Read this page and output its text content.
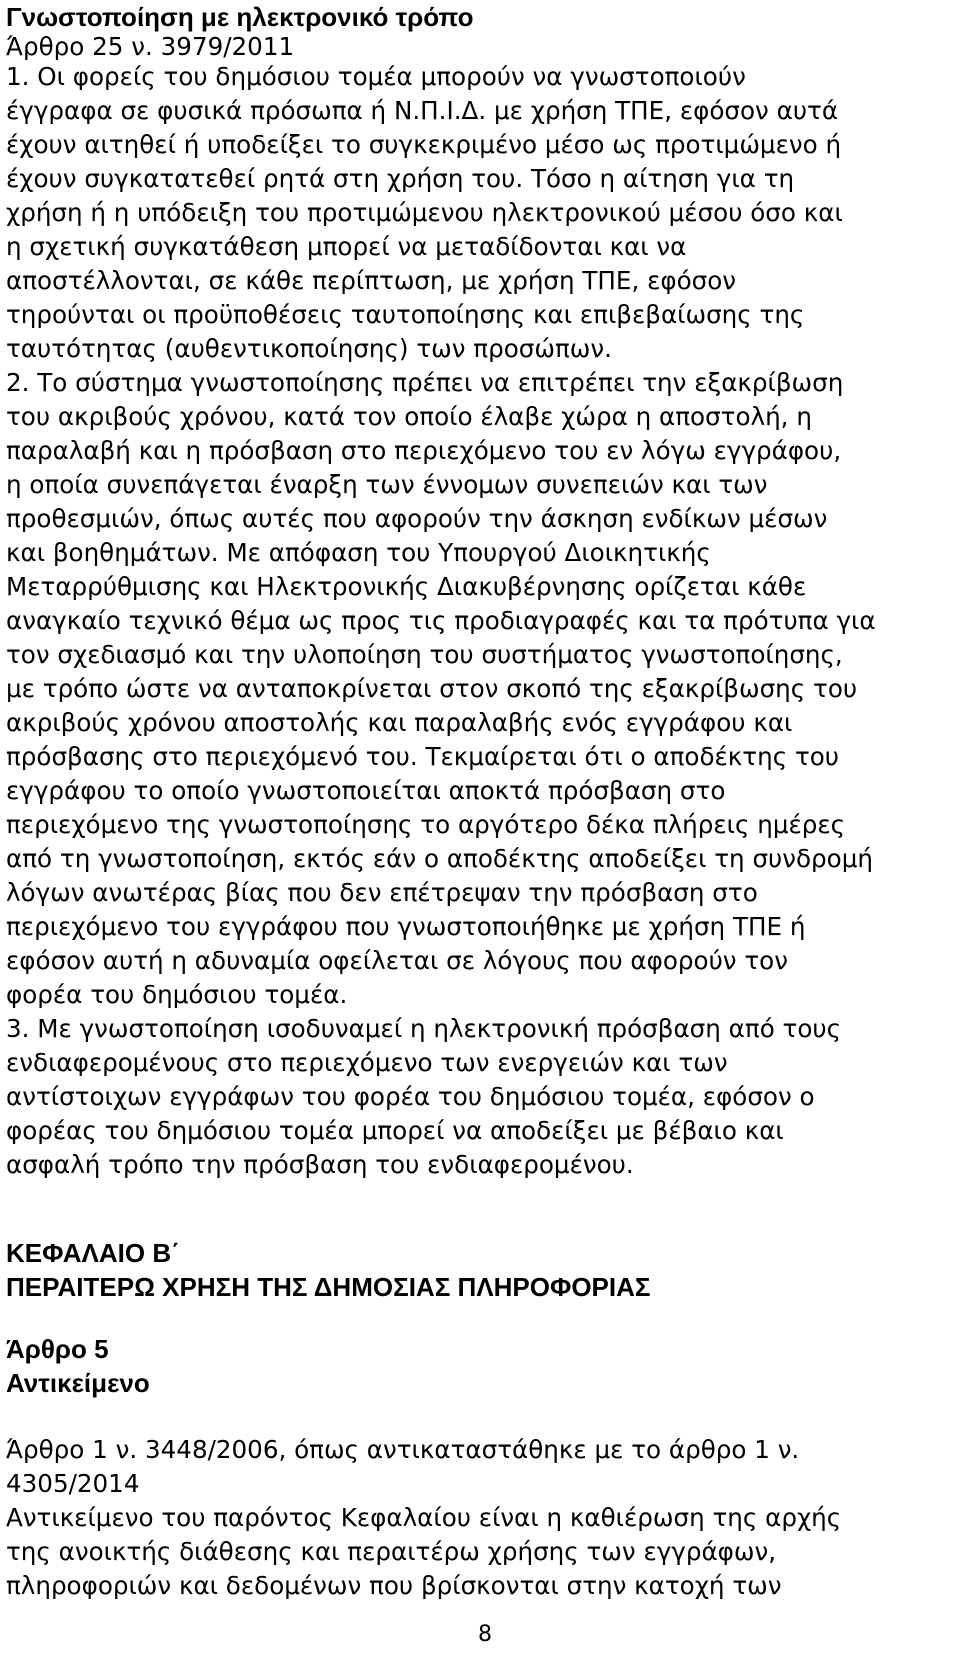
Γνωστοποίηση με ηλεκτρονικό τρόπο

Άρθρο 25 ν. 3979/2011

1. Οι φορείς του δημόσιου τομέα μπορούν να γνωστοποιούν

έγγραφα σε φυσικά πρόσωπα ή Ν.Π.Ι.Δ. με χρήση ΤΠΕ, εφόσον αυτά

έχουν αιτηθεί ή υποδείξει το συγκεκριμένο μέσο ως προτιμώμενο ή

έχουν συγκατατεθεί ρητά στη χρήση του. Τόσο η αίτηση για τη

χρήση ή η υπόδειξη του προτιμώμενου ηλεκτρονικού μέσου όσο και

η σχετική συγκατάθεση μπορεί να μεταδίδονται και να

αποστέλλονται, σε κάθε περίπτωση, με χρήση ΤΠΕ, εφόσον

τηρούνται οι προϋποθέσεις ταυτοποίησης και επιβεβαίωσης της

ταυτότητας (αυθεντικοποίησης) των προσώπων.

2. Το σύστημα γνωστοποίησης πρέπει να επιτρέπει την εξακρίβωση

του ακριβούς χρόνου, κατά τον οποίο έλαβε χώρα η αποστολή, η

παραλαβή και η πρόσβαση στο περιεχόμενο του εν λόγω εγγράφου,

η οποία συνεπάγεται έναρξη των έννομων συνεπειών και των

προθεσμιών, όπως αυτές που αφορούν την άσκηση ενδίκων μέσων

και βοηθημάτων. Με απόφαση του Υπουργού Διοικητικής

Μεταρρύθμισης και Ηλεκτρονικής Διακυβέρνησης ορίζεται κάθε

αναγκαίο τεχνικό θέμα ως προς τις προδιαγραφές και τα πρότυπα για

τον σχεδιασμό και την υλοποίηση του συστήματος γνωστοποίησης,

με τρόπο ώστε να ανταποκρίνεται στον σκοπό της εξακρίβωσης του

ακριβούς χρόνου αποστολής και παραλαβής ενός εγγράφου και

πρόσβασης στο περιεχόμενό του. Τεκμαίρεται ότι ο αποδέκτης του

εγγράφου το οποίο γνωστοποιείται αποκτά πρόσβαση στο

περιεχόμενο της γνωστοποίησης το αργότερο δέκα πλήρεις ημέρες

από τη γνωστοποίηση, εκτός εάν ο αποδέκτης αποδείξει τη συνδρομή

λόγων ανωτέρας βίας που δεν επέτρεψαν την πρόσβαση στο

περιεχόμενο του εγγράφου που γνωστοποιήθηκε με χρήση ΤΠΕ ή

εφόσον αυτή η αδυναμία οφείλεται σε λόγους που αφορούν τον

φορέα του δημόσιου τομέα.

3. Με γνωστοποίηση ισοδυναμεί η ηλεκτρονική πρόσβαση από τους

ενδιαφερομένους στο περιεχόμενο των ενεργειών και των

αντίστοιχων εγγράφων του φορέα του δημόσιου τομέα, εφόσον ο

φορέας του δημόσιου τομέα μπορεί να αποδείξει με βέβαιο και

ασφαλή τρόπο την πρόσβαση του ενδιαφερομένου.

ΚΕΦΑΛΑΙΟ Β΄

ΠΕΡΑΙΤΕΡΩ ΧΡΗΣΗ ΤΗΣ ΔΗΜΟΣΙΑΣ ΠΛΗΡΟΦΟΡΙΑΣ

Άρθρο 5

Αντικείμενο

Άρθρο 1 ν. 3448/2006, όπως αντικαταστάθηκε με το άρθρο 1 ν.

4305/2014

Αντικείμενο του παρόντος Κεφαλαίου είναι η καθιέρωση της αρχής

της ανοικτής διάθεσης και περαιτέρω χρήσης των εγγράφων,

πληροφοριών και δεδομένων που βρίσκονται στην κατοχή των

8
